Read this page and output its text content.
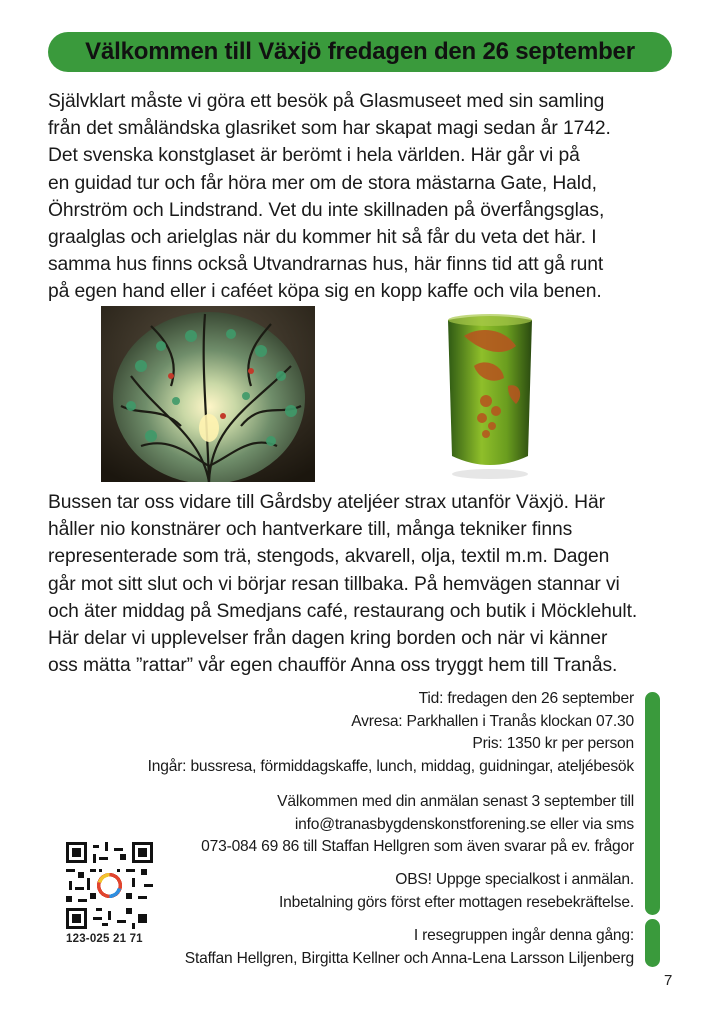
Välkommen till Växjö fredagen den 26 september

Självklart måste vi göra ett besök på Glasmuseet med sin samling

från det småländska glasriket som har skapat magi sedan år 1742.

Det svenska konstglaset är berömt i hela världen. Här går vi på

en guidad tur och får höra mer om de stora mästarna Gate, Hald,

Öhrström och Lindstrand. Vet du inte skillnaden på överfångsglas,

graalglas och arielglas när du kommer hit så får du veta det här. I

samma hus finns också Utvandrarnas hus, här finns tid att gå runt

på egen hand eller i caféet köpa sig en kopp kaffe och vila benen.

Bussen tar oss vidare till Gårdsby ateljéer strax utanför Växjö. Här

håller nio konstnärer och hantverkare till, många tekniker finns

representerade som trä, stengods, akvarell, olja, textil m.m. Dagen

går mot sitt slut och vi börjar resan tillbaka. På hemvägen stannar vi

och äter middag på Smedjans café, restaurang och butik i Möcklehult.

Här delar vi upplevelser från dagen kring borden och när vi känner

oss mätta ”rattar” vår egen chaufför Anna oss tryggt hem till Tranås.

Tid: fredagen den 26 september

Avresa: Parkhallen i Tranås klockan 07.30

Pris: 1350 kr per person

Ingår: bussresa, förmiddagskaffe, lunch, middag, guidningar, ateljébesök

Välkommen med din anmälan senast 3 september till

info@tranasbygdenskonstforening.se eller via sms

073-084 69 86 till Staffan Hellgren som även svarar på ev. frågor

OBS! Uppge specialkost i anmälan.

Inbetalning görs först efter mottagen resebekräftelse.

I resegruppen ingår denna gång:

Staffan Hellgren, Birgitta Kellner och Anna-Lena Larsson Liljenberg

123-025 21 71
7
